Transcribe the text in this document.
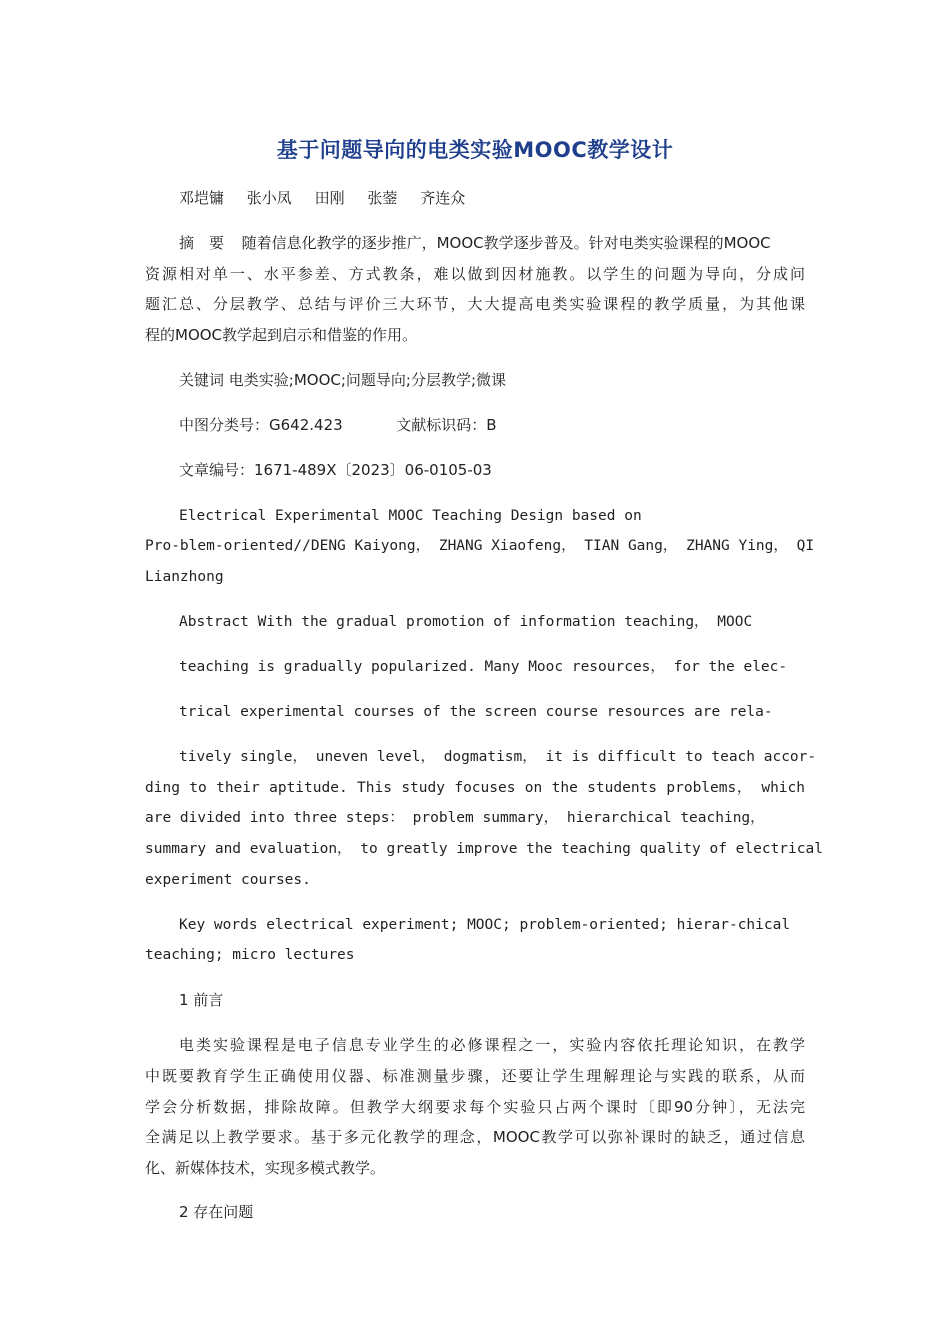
基于问题导向的电类实验MOOC教学设计
邓垲镛 张小凤 田刚 张蓥 齐连众
摘　要 随着信息化教学的逐步推广，MOOC教学逐步普及。针对电类实验课程的MOOC
资源相对单一、水平参差、方式教条，难以做到因材施教。以学生的问题为导向，分成问
题汇总、分层教学、总结与评价三大环节，大大提高电类实验课程的教学质量，为其他课
程的MOOC教学起到启示和借鉴的作用。
关键词 电类实验;MOOC;问题导向;分层教学;微课
中图分类号：G642.423	文献标识码：B
文章编号：1671-489X〔2023〕06-0105-03
Electrical Experimental MOOC Teaching Design based on
Pro-blem-oriented//DENG Kaiyong， ZHANG Xiaofeng， TIAN Gang， ZHANG Ying， QI
Lianzhong
Abstract With the gradual promotion of information teaching， MOOC
teaching is gradually popularized. Many Mooc resources， for the elec-
trical experimental courses of the screen course resources are rela-
tively single， uneven level， dogmatism， it is difficult to teach accor-
ding to their aptitude. This study focuses on the students problems， which
are divided into three steps： problem summary， hierarchical teaching，
summary and evaluation， to greatly improve the teaching quality of electrical
experiment courses.
Key words electrical experiment; MOOC; problem-oriented; hierar-chical
teaching; micro lectures
1 前言
电类实验课程是电子信息专业学生的必修课程之一，实验内容依托理论知识，在教学
中既要教育学生正确使用仪器、标准测量步骤，还要让学生理解理论与实践的联系，从而
学会分析数据，排除故障。但教学大纲要求每个实验只占两个课时〔即90分钟〕，无法完
全满足以上教学要求。基于多元化教学的理念，MOOC教学可以弥补课时的缺乏，通过信息
化、新媒体技术，实现多模式教学。
2 存在问题
